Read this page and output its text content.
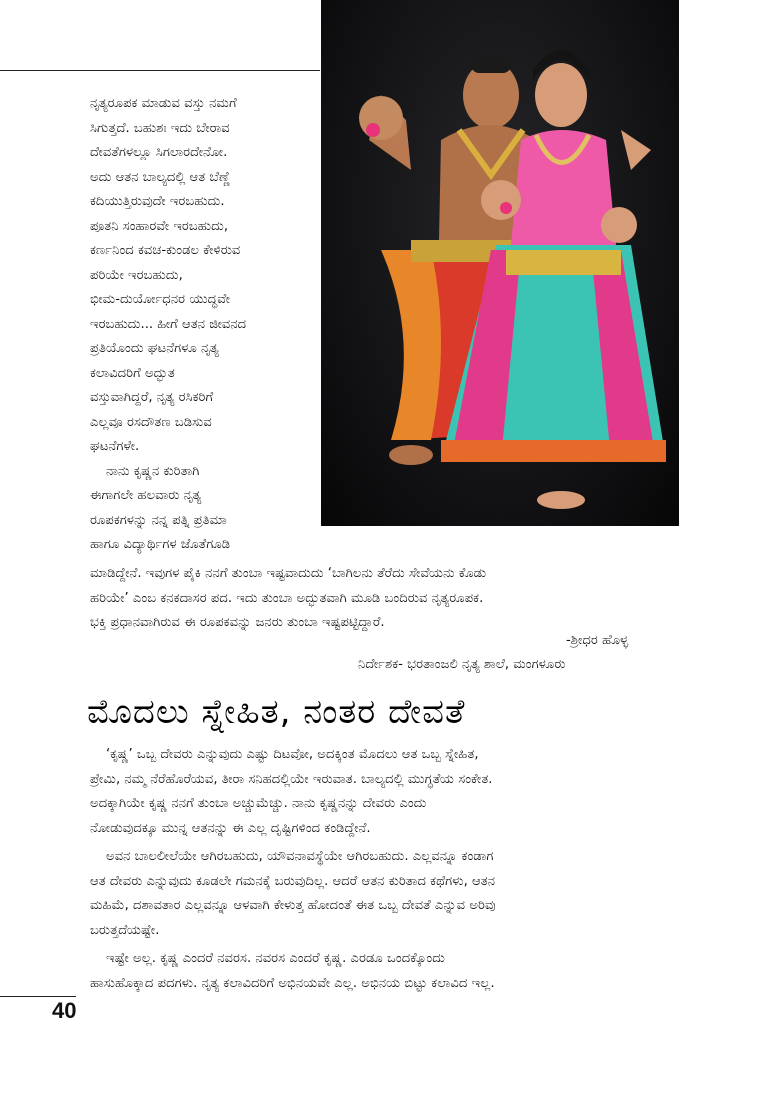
ನೃತ್ಯರೂಪಕ ಮಾಡುವ ವಸ್ತು ನಮಗೆ
ಸಿಗುತ್ತದೆ. ಬಹುಶಃ ಇದು ಬೇರಾವ
ದೇವತೆಗಳಲ್ಲೂ ಸಿಗಲಾರದೇನೋ.
ಅದು ಆತನ ಬಾಲ್ಯದಲ್ಲಿ ಆತ ಬೆಣ್ಣೆ
ಕದಿಯುತ್ತಿರುವುದೇ ಇರಬಹುದು.
ಪೂತನಿ ಸಂಹಾರವೇ ಇರಬಹುದು,
ಕರ್ಣನಿಂದ ಕವಚ-ಕುಂಡಲ ಕೇಳಿರುವ
ಪರಿಯೇ ಇರಬಹುದು,
ಭೀಮ-ದುರ್ಯೋಧನರ ಯುದ್ಧವೇ
ಇರಬಹುದು... ಹೀಗೆ ಆತನ ಜೀವನದ
ಪ್ರತಿಯೊಂದು ಘಟನೆಗಳೂ ನೃತ್ಯ
ಕಲಾವಿದರಿಗೆ ಅದ್ಭುತ
ವಸ್ತುವಾಗಿದ್ದರೆ, ನೃತ್ಯ ರಸಿಕರಿಗೆ
ಎಲ್ಲವೂ ರಸದೌತಣ ಬಡಿಸುವ
ಘಟನೆಗಳೇ.

ನಾನು ಕೃಷ್ಣನ ಕುರಿತಾಗಿ
ಈಗಾಗಲೇ ಹಲವಾರು ನೃತ್ಯ
ರೂಪಕಗಳನ್ನು ನನ್ನ ಪತ್ನಿ ಪ್ರತಿಮಾ
ಹಾಗೂ ವಿದ್ಯಾರ್ಥಿಗಳ ಜೊತೆಗೂಡಿ

ಮಾಡಿದ್ದೇನೆ. ಇವುಗಳ ಪೈಕಿ ನನಗೆ ತುಂಬಾ ಇಷ್ಟವಾದುದು ‘ಬಾಗಿಲನು ತೆರೆದು ಸೇವೆಯನು ಕೊಡು
ಹರಿಯೇ’ ಎಂಬ ಕನಕದಾಸರ ಪದ. ಇದು ತುಂಬಾ ಅದ್ಭುತವಾಗಿ ಮೂಡಿ ಬಂದಿರುವ ನೃತ್ಯರೂಪಕ.
ಭಕ್ತಿ ಪ್ರಧಾನವಾಗಿರುವ ಈ ರೂಪಕವನ್ನು ಜನರು ತುಂಬಾ ಇಷ್ಟಪಟ್ಟಿದ್ದಾರೆ.
-ಶ್ರೀಧರ ಹೊಳ್ಳ
ನಿರ್ದೇಶಕ- ಭರತಾಂಜಲಿ ನೃತ್ಯ ಶಾಲೆ, ಮಂಗಳೂರು
ಮೊದಲು ಸ್ನೇಹಿತ, ನಂತರ ದೇವತೆ

‘ಕೃಷ್ಣ’ ಒಬ್ಬ ದೇವರು ಎನ್ನುವುದು ಎಷ್ಟು ದಿಟವೋ, ಅದಕ್ಕಿಂತ ಮೊದಲು ಆತ ಒಬ್ಬ ಸ್ನೇಹಿತ,
ಪ್ರೇಮಿ, ನಮ್ಮ ನೆರೆಹೊರೆಯವ, ತೀರಾ ಸನಿಹದಲ್ಲಿಯೇ ಇರುವಾತ. ಬಾಲ್ಯದಲ್ಲಿ ಮುಗ್ಧತೆಯ ಸಂಕೇತ.
ಅದಕ್ಕಾಗಿಯೇ ಕೃಷ್ಣ ನನಗೆ ತುಂಬಾ ಅಚ್ಚುಮೆಚ್ಚು. ನಾನು ಕೃಷ್ಣನನ್ನು ದೇವರು ಎಂದು
ನೋಡುವುದಕ್ಕೂ ಮುನ್ನ ಆತನನ್ನು ಈ ಎಲ್ಲ ದೃಷ್ಟಿಗಳಿಂದ ಕಂಡಿದ್ದೇನೆ.

ಅವನ ಬಾಲಲೀಲೆಯೇ ಆಗಿರಬಹುದು, ಯೌವನಾವಸ್ಥೆಯೇ ಆಗಿರಬಹುದು. ಎಲ್ಲವನ್ನೂ ಕಂಡಾಗ
ಆತ ದೇವರು ಎನ್ನುವುದು ಕೂಡಲೇ ಗಮನಕ್ಕೆ ಬರುವುದಿಲ್ಲ. ಆದರೆ ಆತನ ಕುರಿತಾದ ಕಥೆಗಳು, ಆತನ
ಮಹಿಮೆ, ದಶಾವತಾರ ಎಲ್ಲವನ್ನೂ ಆಳವಾಗಿ ಕೇಳುತ್ತ ಹೋದಂತೆ ಈತ ಒಬ್ಬ ದೇವತೆ ಎನ್ನುವ ಅರಿವು
ಬರುತ್ತದೆಯಷ್ಟೇ.

ಇಷ್ಟೇ ಅಲ್ಲ. ಕೃಷ್ಣ ಎಂದರೆ ನವರಸ. ನವರಸ ಎಂದರೆ ಕೃಷ್ಣ. ಎರಡೂ ಒಂದಕ್ಕೊಂದು
ಹಾಸುಹೊಕ್ಕಾದ ಪದಗಳು. ನೃತ್ಯ ಕಲಾವಿದರಿಗೆ ಅಭಿನಯವೇ ಎಲ್ಲ. ಅಭಿನಯ ಬಿಟ್ಟು ಕಲಾವಿದ ಇಲ್ಲ.

40
